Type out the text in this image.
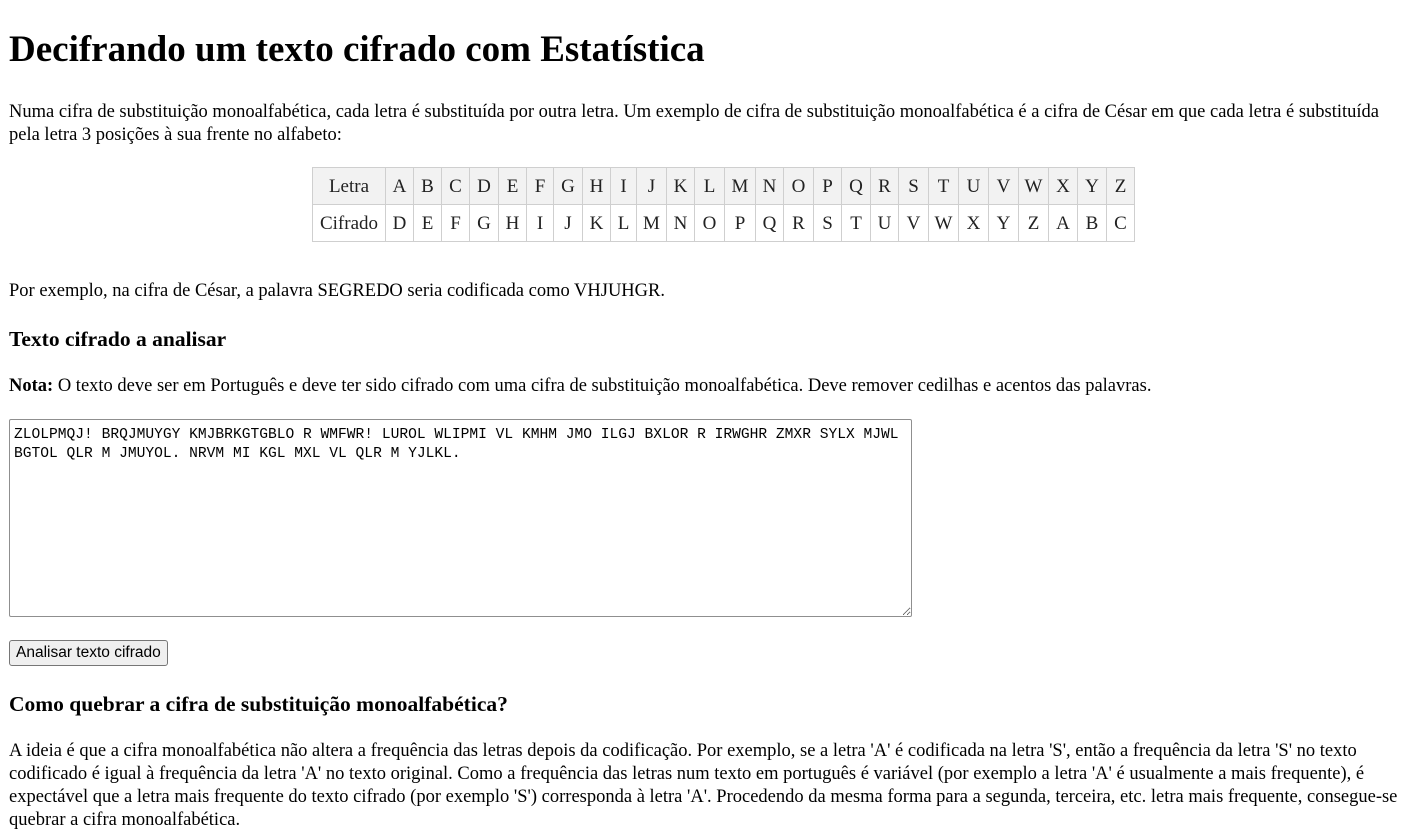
Decifrando um texto cifrado com Estatística

Numa cifra de substituição monoalfabética, cada letra é substituída por outra letra. Um exemplo de cifra de substituição monoalfabética é a cifra de César em que cada letra é substituída pela letra 3 posições à sua frente no alfabeto:

Letra	A	B	C	D	E	F	G	H	I	J	K	L	M	N	O	P	Q	R	S	T	U	V	W	X	Y	Z
Cifrado	D	E	F	G	H	I	J	K	L	M	N	O	P	Q	R	S	T	U	V	W	X	Y	Z	A	B	C

Por exemplo, na cifra de César, a palavra SEGREDO seria codificada como VHJUHGR.

Texto cifrado a analisar

Nota: O texto deve ser em Português e deve ter sido cifrado com uma cifra de substituição monoalfabética. Deve remover cedilhas e acentos das palavras.

ZLOLPMQJ! BRQJMUYGY KMJBRKGTGBLO R WMFWR! LUROL WLIPMI VL KMHM JMO ILGJ BXLOR R IRWGHR ZMXR SYLX MJWL BGTOL QLR M JMUYOL. NRVM MI KGL MXL VL QLR M YJLKL.
Analisar texto cifrado
Como quebrar a cifra de substituição monoalfabética?

A ideia é que a cifra monoalfabética não altera a frequência das letras depois da codificação. Por exemplo, se a letra 'A' é codificada na letra 'S', então a frequência da letra 'S' no texto codificado é igual à frequência da letra 'A' no texto original. Como a frequência das letras num texto em português é variável (por exemplo a letra 'A' é usualmente a mais frequente), é expectável que a letra mais frequente do texto cifrado (por exemplo 'S') corresponda à letra 'A'. Procedendo da mesma forma para a segunda, terceira, etc. letra mais frequente, consegue-se quebrar a cifra monoalfabética.
